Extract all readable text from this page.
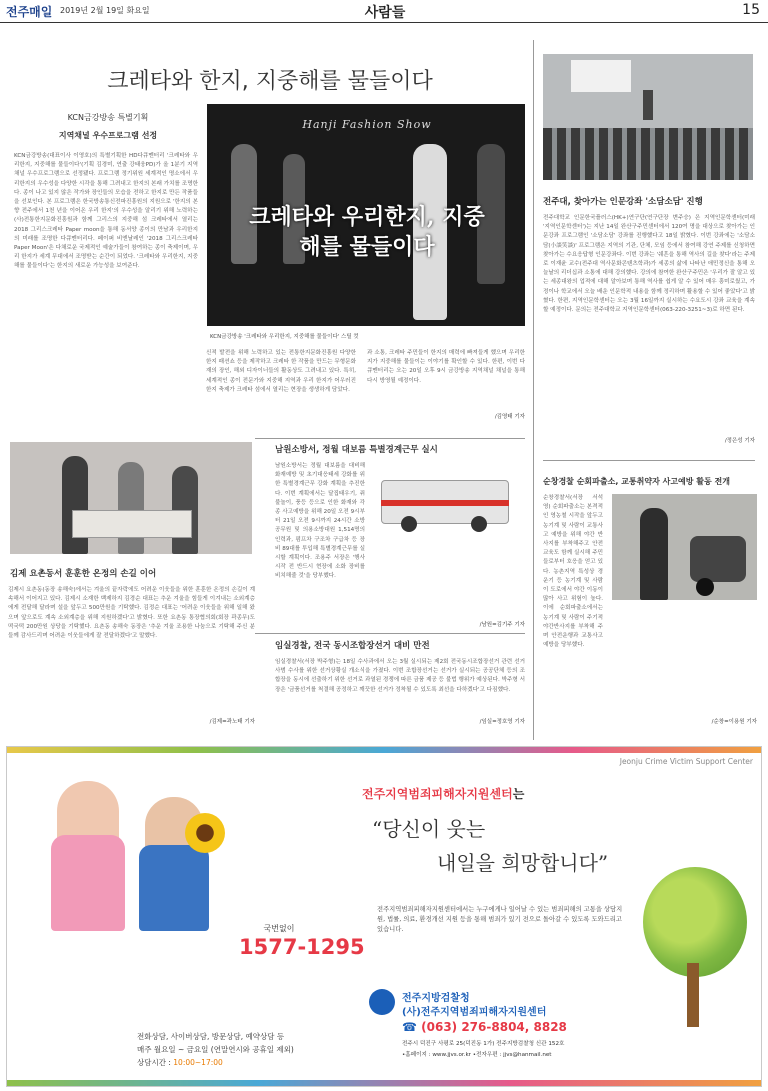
전주매일 2019년 2월 19일 화요일	사람들	15
크레타와 한지, 지중해를 물들이다
KCN금강방송 특별기획
지역채널 우수프로그램 선정
KCN금강방송(대표이사 이영호)의 특별기획한 HD다큐멘터리 '크레타와 우리한지, 지중해를 물들이다'(기획 김경미, 연출 강태웅PD)가 올 1분기 지역채널 우수프로그램으로 선정됐다. 프로그램 정기위원 세계적인 명소에서 우리한지의 우수성을 다양한 시각을 통해 그려내고 한지의 본래 가치를 조명한다. 종이 나고 있지 않은 작가와 장인들의 모습을 전하고 한지로 만든 작품들을 선보인다. 본 프로그램은 한국방송통신전파진흥원의 지원으로 '한지의 본향 전주에서 1천 년을 이어온 우리 한지'의 우수성을 알리기 위해 노력하는 (사)전통한지문화진흥원과 함께 그리스의 지중해 섬 크레타에서 열리는 2018 그리스크레타 Paper moon을 통해 동서양 종이의 만남과 우리한지의 미래를 조명한 다큐멘터리다. 페이퍼 비엔날레인 '2018 그리스크레타 Paper Moon'은 다채로운 국제적인 예술가들이 참여하는 종이 축제이며, 우리 한지가 세계 무대에서 조명받는 순간이 되었다. '크레타와 우리한지, 지중해를 물들이다'는 한지의 새로운 가능성을 보여준다.
Hanji Fashion Show
크레타와 우리한지, 지중해를 물들이다
KCN금강방송 '크레타와 우리한지, 지중해를 물들이다' 스틸 컷
신적 발전을 위해 노력하고 있는 전통한지문화진흥원 다양한 한지 패션쇼 등을 제작하고 크레타 한 작품을 만드는 무형문화재의 장인, 해외 디자이너들의 활동상도 그려내고 있다. 특히, 세계적인 종이 전문가와 지중해 지역과 우리 한지가 어우러진 한지 축제가 크레타 섬에서 열리는 현장을 생생하게 담았다.
과 소통, 크레타 주민들이 한지의 매력에 빠져들게 했으며 우리한지가 지중해를 물들이는 이야기를 확인할 수 있다. 한편, 이번 다큐멘터리는 오는 20일 오후 9시 금강방송 지역채널 채널을 통해 다시 방영될 예정이다.
/김영태 기자
전주대, 찾아가는 인문강좌 '소담소담' 진행
전주대학교 인문한국플러스(HK+)연구단(연구단장 변주승) 은 지역인문학센터(미래 '지역인문학센터')는 지난 14일 완산구주민센터에서 120여 명을 대상으로 찾아가는 인문강좌 프로그램인 '소담소담' 강좌를 진행했다고 18일 밝혔다. 이번 강좌에는 '소담소담(小談笑談)' 프로그램은 지역의 기관, 단체, 모임 등에서 참여해 강연 주제를 신청하면 찾아가는 수요응답형 인문강좌다. 이번 강좌는 '쉐흔을 통해 역사의 길을 찾다'라는 주제로 이재윤 교수(전주대 역사문화콘텐츠학과)가 세종의 삶에 나타난 애민정신을 통해 오늘날의 리더십과 소통에 대해 강의했다. 강의에 참여한 완산구주민은 '우리가 잘 알고 있는 세종대왕의 업적에 대해 알아보며 통해 역사를 쉽게 알 수 있어 매우 흥미로웠고, 가정이나 학교에서 오늘 배운 인문학적 내용을 함께 정리하며 활용할 수 있어 좋았다'고 밝혔다. 한편, 지역인문학센터는 오는 3월 16일까지 실시하는 수요도시 강좌 교육을 계속할 예정이다. 문의는 전주대학교 지역인문학센터(063-220-3251~3)로 하면 된다.
/정은성 기자
남원소방서, 정월 대보름 특별경계근무 실시
남원소방서는 정월 대보름을 대비해 화재예방 및 초기대응태세 강화를 위한 특별경계근무 강화 계획을 추진한다. 이번 계획에서는 달집태우기, 쥐불놀이, 풍등 등으로 인한 화재와 각종 사고예방을 위해 20일 오전 9시부터 21일 오전 9시까지 24시간 소방공무원 및 의용소방대원 1,514명의 인력과, 펌프차 구조차 구급차 등 장비 89대를 투입해 특별경계근무를 실시할 계획이다. 조용주 서장은 '행사시작 전 반드시 현장에 소화 장비를 비치해줄 것'을 당부했다.
/남원=김기주 기자
김제 요촌동서 훈훈한 온정의 손길 이어
김제시 요촌동(동장 송해숙)에서는 겨울의 끝자락에도 어려운 이웃들을 위한 훈훈한 온정의 손길이 계속해서 이어지고 있다. 김제시 소재한 백제하지 김경순 대표는 추운 겨울을 힘들게 이겨내는 소외계층에게 전달해 달라며 설을 앞두고 500만원을 기탁했다. 김정순 대표는 '어려운 이웃들을 위해 일해 왔으며 앞으로도 계속 소외계층을 위해 지원하겠다'고 밝혔다. 또한 요촌동 통장협의회(회장 곽종무)도 떡국떡 200만원 상당을 기탁했다. 요촌동 송해숙 동장은 '추운 겨울 조용한 나눔으로 기탁해 주신 분들께 감사드리며 어려운 이웃들에게 잘 전달하겠다'고 말했다.
/김제=곽노태 기자
임실경찰, 전국 동시조합장선거 대비 만전
임실경찰서(서장 박주형)는 18일 수사과에서 오는 3월 실시되는 제2회 전국동시조합장선거 관련 선거사범 수사를 위한 선거상황실 개소식을 가졌다. 이번 조합장선거는 선거가 실시되는 공공단체 등의 조합장을 동시에 선출하기 위한 선거로 과열된 경쟁에 따른 금품 제공 등 불법 행위가 예상된다. 박주형 서장은 '금품선거를 척결해 공정하고 깨끗한 선거가 정착될 수 있도록 최선을 다하겠다'고 다짐했다.
/임실=정호영 기자
순창경찰 순회파출소, 교통취약자 사고예방 활동 전개
순창경찰서(서장 서석영) 순회파출소는 본격적인 영농철 시작을 앞두고 농기계 및 사람이 교통사고 예방을 위해 야간 반사지를 부착해주고 안전교육도 함께 실시해 주민들로부터 호응을 얻고 있다. 농촌지역 특성상 경운기 등 농기계 및 사람이 도로에서 야간 이동이 많아 사고 위험이 높다. 이에 순회파출소에서는 농기계 및 사람이 주기적 야간반사지를 부착해 주며 안전운행과 교통사고 예방을 당부했다.
/순창=이용원 기자
Jeonju Crime Victim Support Center
전주지역범죄피해자지원센터는
“당신이 웃는
내일을 희망합니다”
전주지역범죄피해자지원센터에서는 누구에게나 일어날 수 있는 범죄피해의 고통을 상담지원, 법률, 의료, 환경개선 지원 등을 통해 범죄가 있기 전으로 돌아갈 수 있도록 도와드리고 있습니다.
국번없이
1577-1295
전화상담, 사이버상담, 방문상담, 예약상담 등
매주 월요일 ~ 금요일 (연말연시와 공휴일 제외)
상담시간 : 10:00~17:00
전주지방검찰청
(사)전주지역범죄피해자지원센터
☎ (063) 276-8804, 8828
전주시 덕진구 사평로 25(덕진동 1가) 전주지방검찰청 신관 152호
•홈페이지 : www.jjvs.or.kr •전자우편 : jjvs@hanmail.net
